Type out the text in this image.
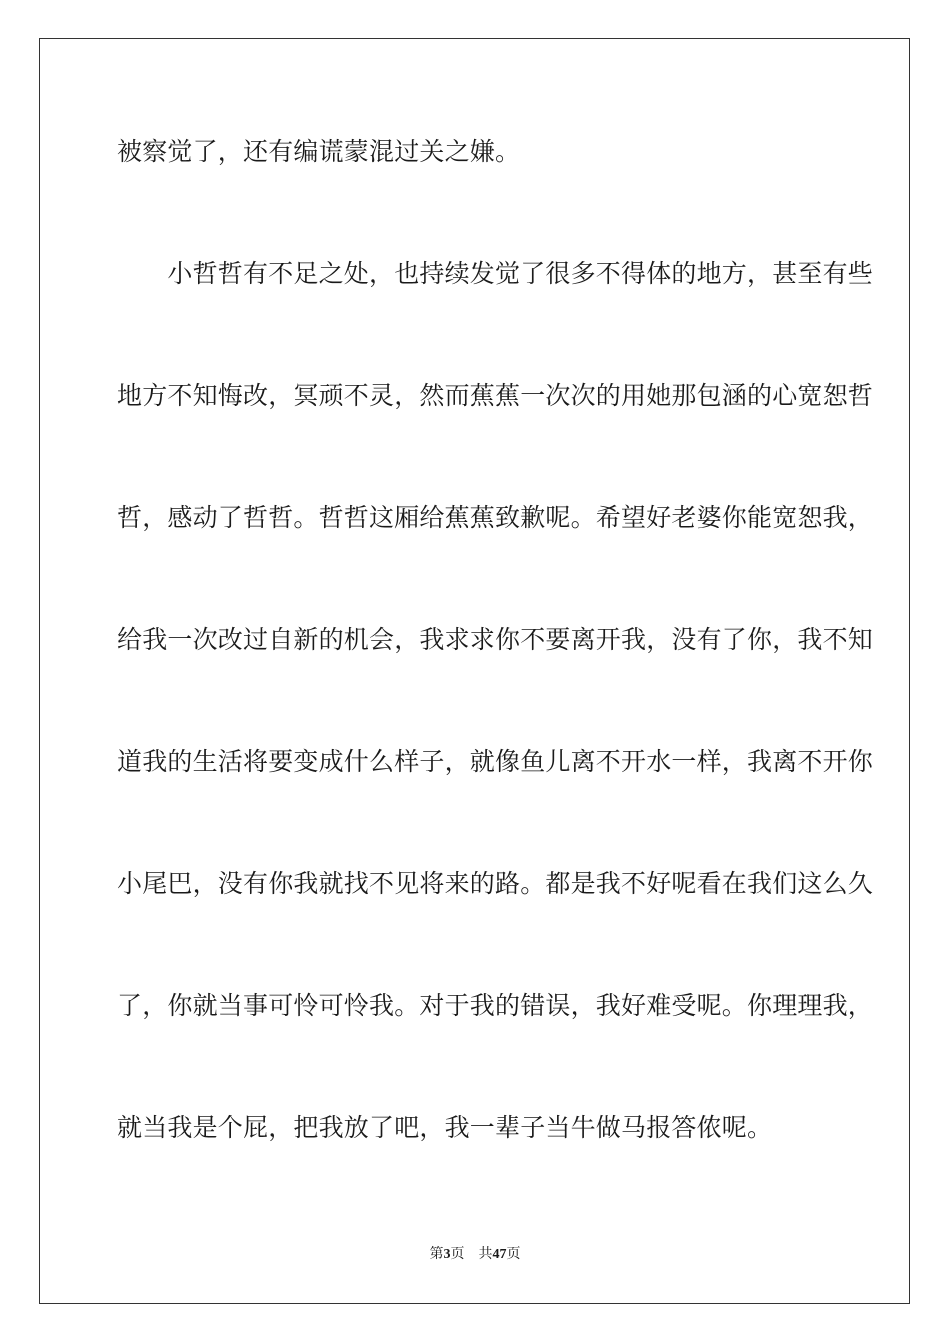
被察觉了，还有编谎蒙混过关之嫌。
　　小哲哲有不足之处，也持续发觉了很多不得体的地方，甚至有些
地方不知悔改，冥顽不灵，然而蕉蕉一次次的用她那包涵的心宽恕哲
哲，感动了哲哲。哲哲这厢给蕉蕉致歉呢。希望好老婆你能宽恕我，
给我一次改过自新的机会，我求求你不要离开我，没有了你，我不知
道我的生活将要变成什么样子，就像鱼儿离不开水一样，我离不开你
小尾巴，没有你我就找不见将来的路。都是我不好呢看在我们这么久
了，你就当事可怜可怜我。对于我的错误，我好难受呢。你理理我，
就当我是个屁，把我放了吧，我一辈子当牛做马报答侬呢。
第3页 共47页
